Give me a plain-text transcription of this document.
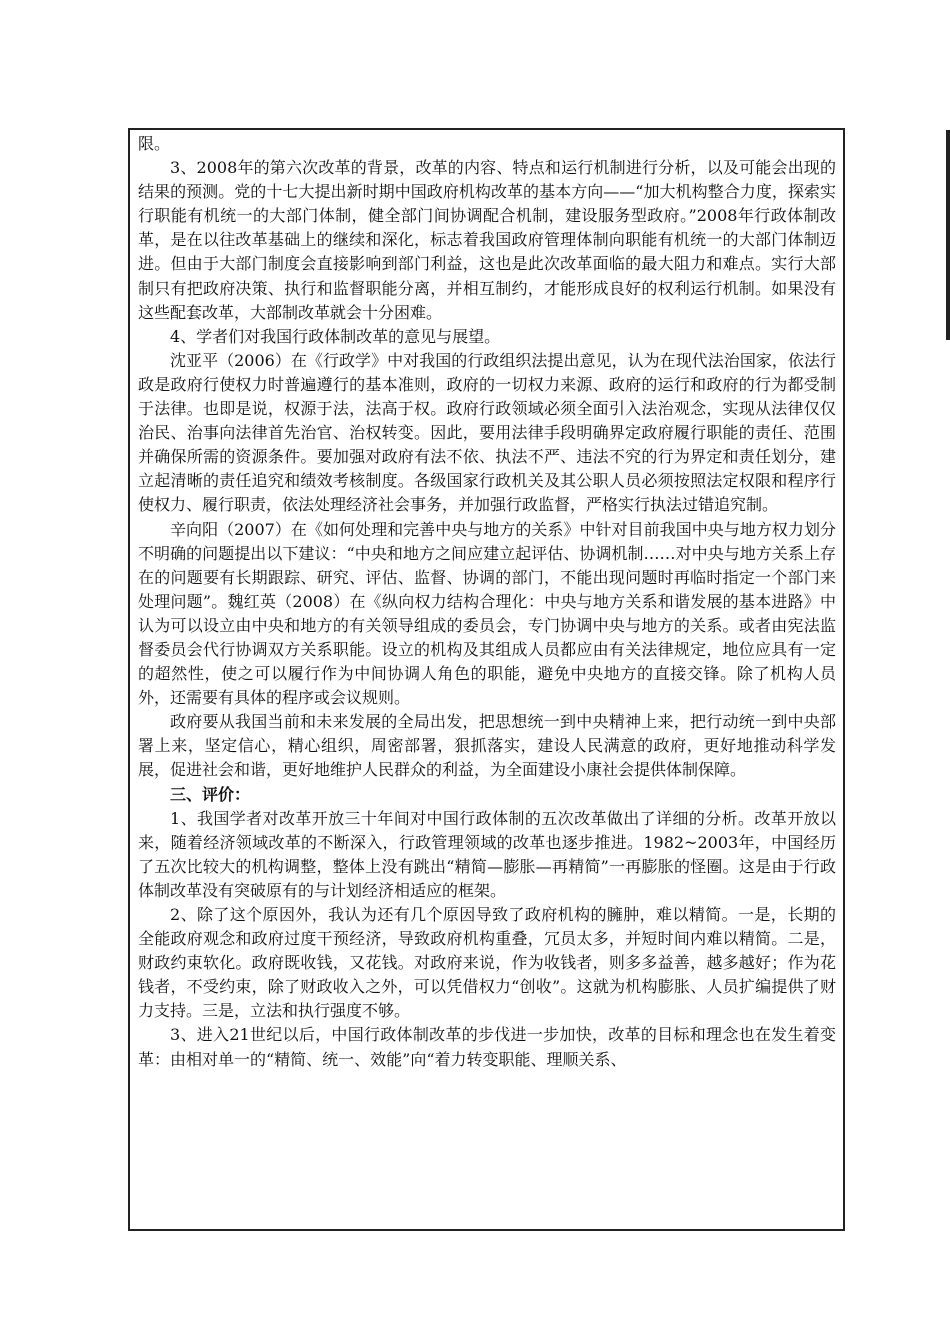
限。

3、2008年的第六次改革的背景，改革的内容、特点和运行机制进行分析，以及可能会出现的结果的预测。党的十七大提出新时期中国政府机构改革的基本方向——“加大机构整合力度，探索实行职能有机统一的大部门体制，健全部门间协调配合机制，建设服务型政府。”2008年行政体制改革，是在以往改革基础上的继续和深化，标志着我国政府管理体制向职能有机统一的大部门体制迈进。但由于大部门制度会直接影响到部门利益，这也是此次改革面临的最大阻力和难点。实行大部制只有把政府决策、执行和监督职能分离，并相互制约，才能形成良好的权利运行机制。如果没有这些配套改革，大部制改革就会十分困难。

4、学者们对我国行政体制改革的意见与展望。

沈亚平（2006）在《行政学》中对我国的行政组织法提出意见，认为在现代法治国家，依法行政是政府行使权力时普遍遵行的基本准则，政府的一切权力来源、政府的运行和政府的行为都受制于法律。也即是说，权源于法，法高于权。政府行政领域必须全面引入法治观念，实现从法律仅仅治民、治事向法律首先治官、治权转变。因此，要用法律手段明确界定政府履行职能的责任、范围并确保所需的资源条件。要加强对政府有法不依、执法不严、违法不究的行为界定和责任划分，建立起清晰的责任追究和绩效考核制度。各级国家行政机关及其公职人员必须按照法定权限和程序行使权力、履行职责，依法处理经济社会事务，并加强行政监督，严格实行执法过错追究制。

辛向阳（2007）在《如何处理和完善中央与地方的关系》中针对目前我国中央与地方权力划分不明确的问题提出以下建议：“中央和地方之间应建立起评估、协调机制……对中央与地方关系上存在的问题要有长期跟踪、研究、评估、监督、协调的部门，不能出现问题时再临时指定一个部门来处理问题”。魏红英（2008）在《纵向权力结构合理化：中央与地方关系和谐发展的基本进路》中认为可以设立由中央和地方的有关领导组成的委员会，专门协调中央与地方的关系。或者由宪法监督委员会代行协调双方关系职能。设立的机构及其组成人员都应由有关法律规定，地位应具有一定的超然性，使之可以履行作为中间协调人角色的职能，避免中央地方的直接交锋。除了机构人员外，还需要有具体的程序或会议规则。

政府要从我国当前和未来发展的全局出发，把思想统一到中央精神上来，把行动统一到中央部署上来，坚定信心，精心组织，周密部署，狠抓落实，建设人民满意的政府，更好地推动科学发展，促进社会和谐，更好地维护人民群众的利益，为全面建设小康社会提供体制保障。

三、评价：

1、我国学者对改革开放三十年间对中国行政体制的五次改革做出了详细的分析。改革开放以来，随着经济领域改革的不断深入，行政管理领域的改革也逐步推进。1982~2003年，中国经历了五次比较大的机构调整，整体上没有跳出“精简—膨胀—再精简”一再膨胀的怪圈。这是由于行政体制改革没有突破原有的与计划经济相适应的框架。

2、除了这个原因外，我认为还有几个原因导致了政府机构的臃肿，难以精简。一是，长期的全能政府观念和政府过度干预经济，导致政府机构重叠，冗员太多，并短时间内难以精简。二是，财政约束软化。政府既收钱，又花钱。对政府来说，作为收钱者，则多多益善，越多越好；作为花钱者，不受约束，除了财政收入之外，可以凭借权力“创收”。这就为机构膨胀、人员扩编提供了财力支持。三是，立法和执行强度不够。

3、进入21世纪以后，中国行政体制改革的步伐进一步加快，改革的目标和理念也在发生着变革：由相对单一的“精简、统一、效能”向“着力转变职能、理顺关系、
